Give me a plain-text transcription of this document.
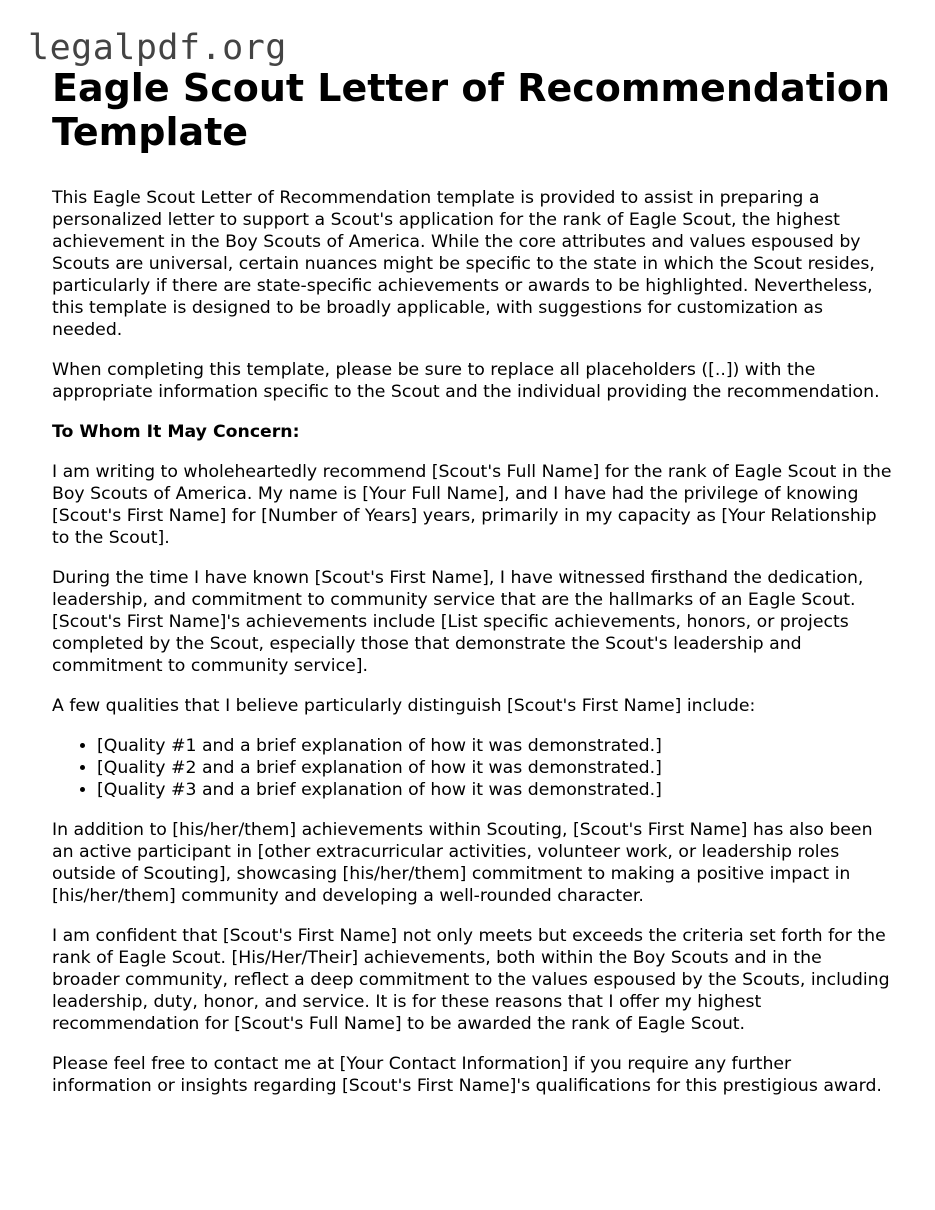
legalpdf.org
Eagle Scout Letter of Recommendation Template

This Eagle Scout Letter of Recommendation template is provided to assist in preparing a personalized letter to support a Scout's application for the rank of Eagle Scout, the highest achievement in the Boy Scouts of America. While the core attributes and values espoused by Scouts are universal, certain nuances might be specific to the state in which the Scout resides, particularly if there are state-specific achievements or awards to be highlighted. Nevertheless, this template is designed to be broadly applicable, with suggestions for customization as needed.

When completing this template, please be sure to replace all placeholders ([..]) with the appropriate information specific to the Scout and the individual providing the recommendation.

To Whom It May Concern:

I am writing to wholeheartedly recommend [Scout's Full Name] for the rank of Eagle Scout in the Boy Scouts of America. My name is [Your Full Name], and I have had the privilege of knowing [Scout's First Name] for [Number of Years] years, primarily in my capacity as [Your Relationship to the Scout].

During the time I have known [Scout's First Name], I have witnessed firsthand the dedication, leadership, and commitment to community service that are the hallmarks of an Eagle Scout. [Scout's First Name]'s achievements include [List specific achievements, honors, or projects completed by the Scout, especially those that demonstrate the Scout's leadership and commitment to community service].

A few qualities that I believe particularly distinguish [Scout's First Name] include:

• [Quality #1 and a brief explanation of how it was demonstrated.]
• [Quality #2 and a brief explanation of how it was demonstrated.]
• [Quality #3 and a brief explanation of how it was demonstrated.]

In addition to [his/her/them] achievements within Scouting, [Scout's First Name] has also been an active participant in [other extracurricular activities, volunteer work, or leadership roles outside of Scouting], showcasing [his/her/them] commitment to making a positive impact in [his/her/them] community and developing a well-rounded character.

I am confident that [Scout's First Name] not only meets but exceeds the criteria set forth for the rank of Eagle Scout. [His/Her/Their] achievements, both within the Boy Scouts and in the broader community, reflect a deep commitment to the values espoused by the Scouts, including leadership, duty, honor, and service. It is for these reasons that I offer my highest recommendation for [Scout's Full Name] to be awarded the rank of Eagle Scout.

Please feel free to contact me at [Your Contact Information] if you require any further information or insights regarding [Scout's First Name]'s qualifications for this prestigious award.
